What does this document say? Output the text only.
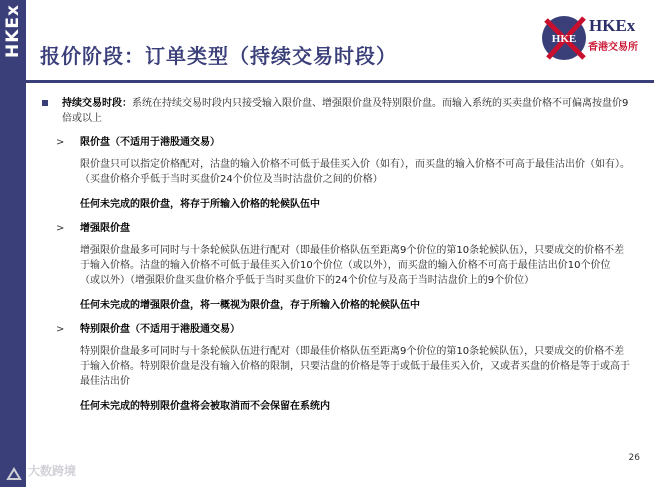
HKEx 报价阶段：订单类型（持续交易时段）
HKE
HKEx
香港交易所
持续交易时段：系统在持续交易时段内只接受输入限价盘、增强限价盘及特别限价盘。而输入系统的买卖盘价格不可偏离按盘价9倍或以上
> 限价盘（不适用于港股通交易）
限价盘只可以指定价格配对，沽盘的输入价格不可低于最佳买入价（如有），而买盘的输入价格不可高于最佳沽出价（如有）。（买盘价格介乎低于当时买盘价24个价位及当时沽盘价之间的价格）
任何未完成的限价盘，将存于所输入价格的轮候队伍中
> 增强限价盘
增强限价盘最多可同时与十条轮候队伍进行配对（即最佳价格队伍至距离9个价位的第10条轮候队伍），只要成交的价格不差于输入价格。沽盘的输入价格不可低于最佳买入价10个价位（或以外），而买盘的输入价格不可高于最佳沽出价10个价位（或以外）（增强限价盘买盘价格介乎低于当时买盘价下的24个价位与及高于当时沽盘价上的9个价位）
任何未完成的增强限价盘，将一概视为限价盘，存于所输入价格的轮候队伍中
> 特别限价盘（不适用于港股通交易）
特别限价盘最多可同时与十条轮候队伍进行配对（即最佳价格队伍至距离9个价位的第10条轮候队伍），只要成交的价格不差于输入价格。特别限价盘是没有输入价格的限制，只要沽盘的价格是等于或低于最佳买入价，又或者买盘的价格是等于或高于最佳沽出价
任何未完成的特别限价盘将会被取消而不会保留在系统内
26
大数跨境
